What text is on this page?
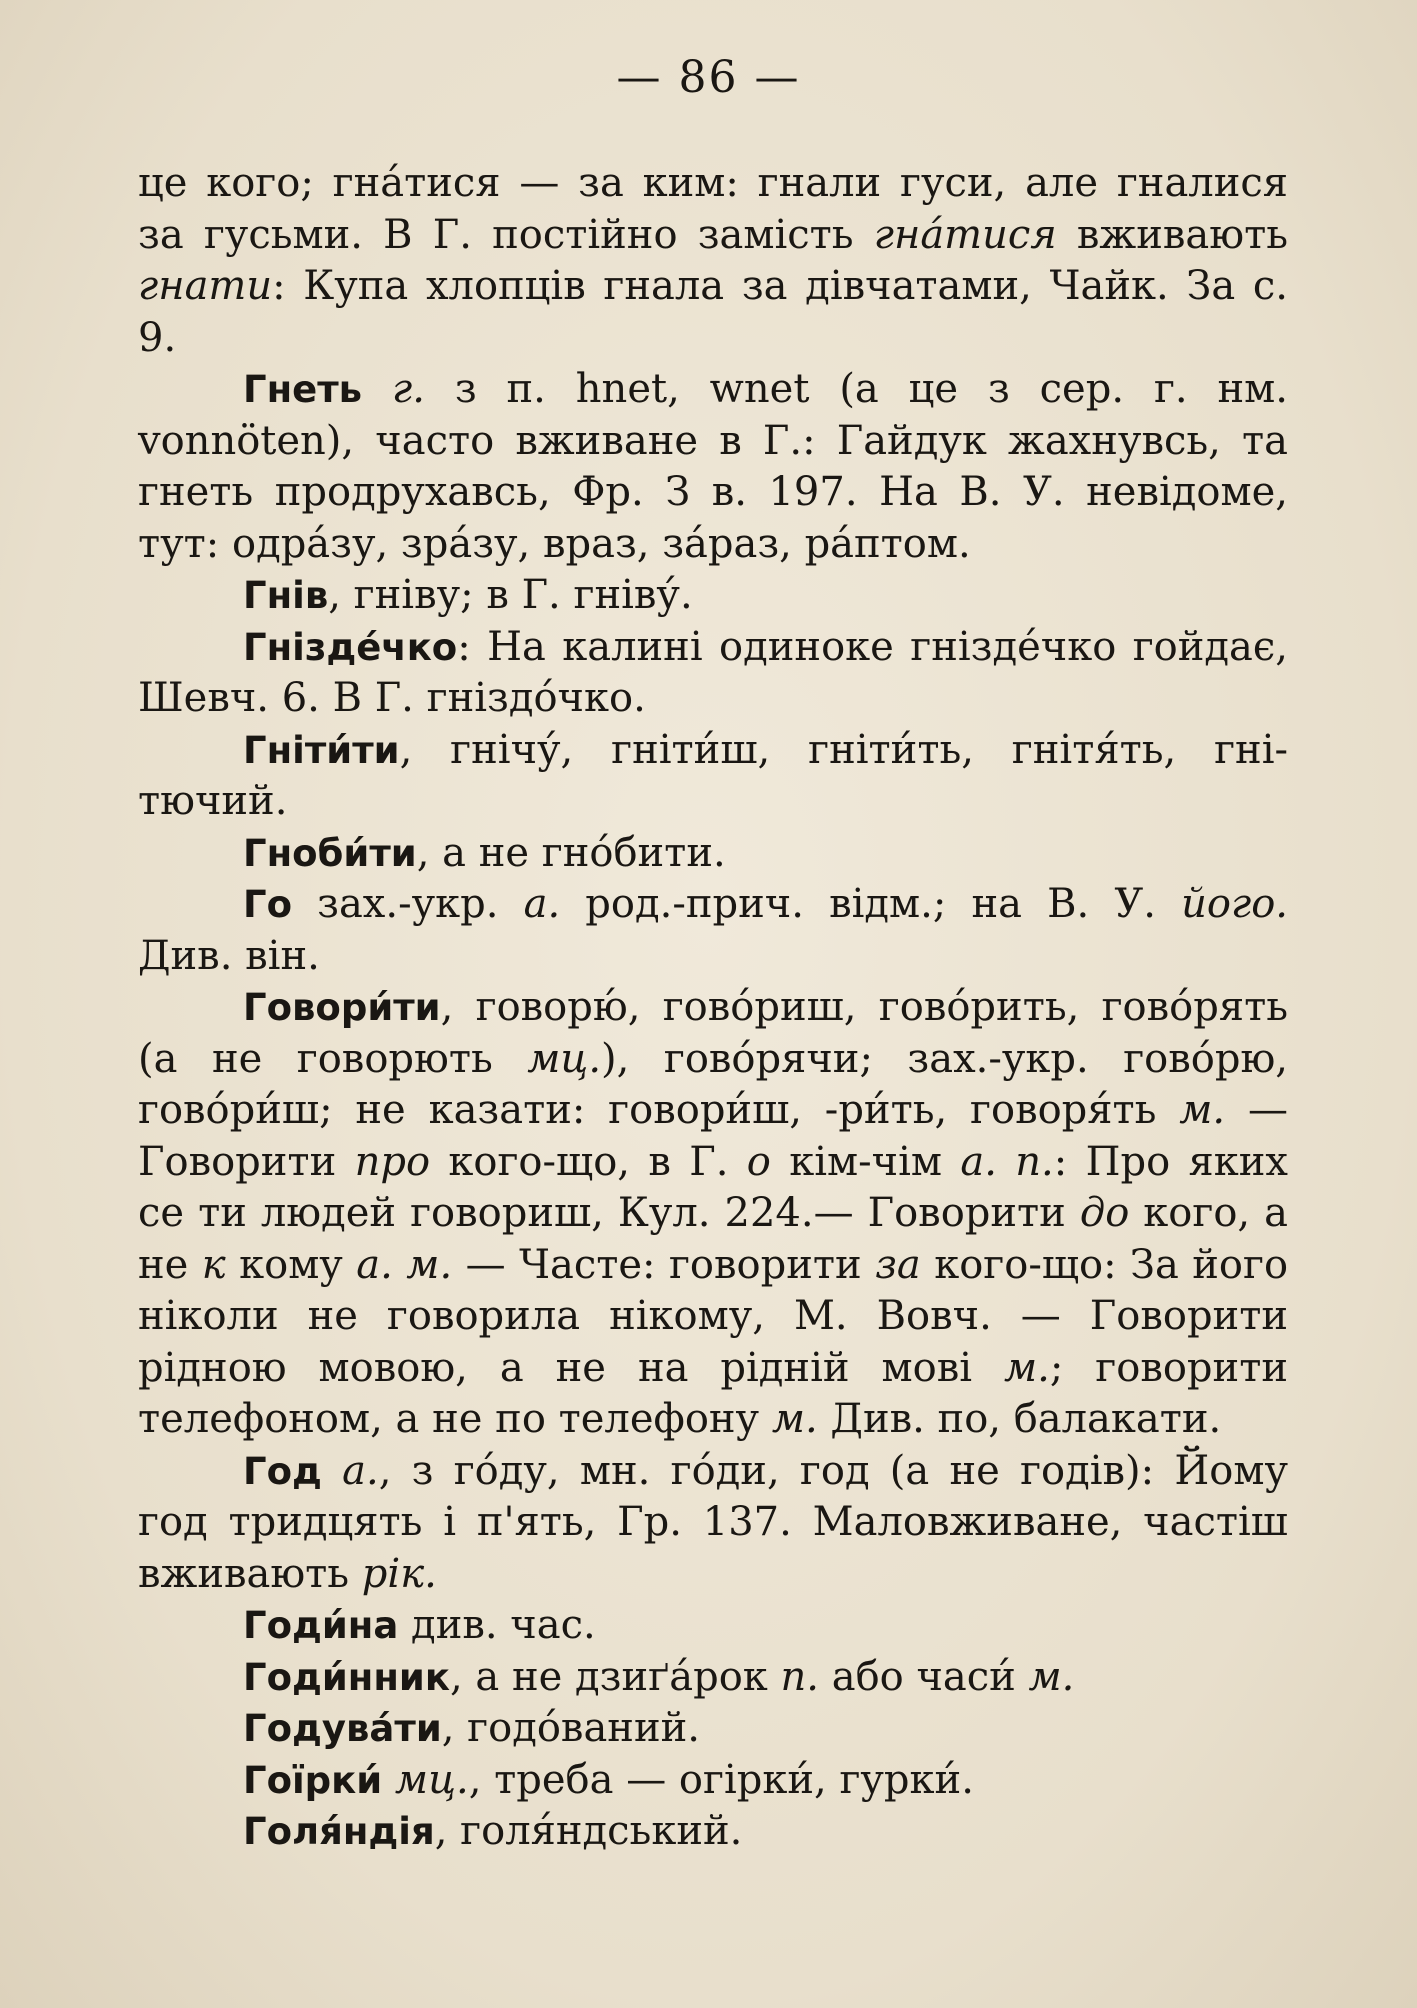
— 86 —

це кого; гна́тися — за ким: гнали гуси, але гналися за гусьми. В Г. постійно замість гна́тися вживають гнати: Купа хлопців гнала за дівчатами, Чайк. За с. 9.

Гнеть г. з п. hnet, wnet (а це з сер. г. нм. vonnöten), часто вживане в Г.: Гайдук жахнувсь, та гнеть продрухавсь, Фр. З в. 197. На В. У. невідоме, тут: одра́зу, зра́зу, враз, за́раз, ра́птом.

Гнів, гніву; в Г. гніву́.

Гнізде́чко: На калині одиноке гнізде́чко гойдає, Шевч. 6. В Г. гніздо́чко.

Гніти́ти, гнічу́, гніти́ш, гніти́ть, гнітя́ть, гнітючий.

Гноби́ти, а не гно́бити.

Го зах.-укр. а. род.-прич. відм.; на В. У. його. Див. він.

Говори́ти, говорю́, гово́риш, гово́рить, гово́рять (а не говорють мц.), гово́рячи; зах.-укр. гово́рю, гово́ри́ш; не казати: говори́ш, -ри́ть, говоря́ть м. — Говорити про кого-що, в Г. о кім-чім а. п.: Про яких се ти людей говориш, Кул. 224.— Говорити до кого, а не к кому а. м. — Часте: говорити за кого-що: За його ніколи не говорила нікому, М. Вовч. — Говорити рідною мовою, а не на рідній мові м.; говорити телефоном, а не по телефону м. Див. по, балакати.

Год а., з го́ду, мн. го́ди, год (а не годів): Йому год тридцять і п'ять, Гр. 137. Маловживане, частіш вживають рік.

Годи́на див. час.

Годи́нник, а не дзиґа́рок п. або часи́ м.

Годува́ти, годо́ваний.

Гоїрки́ мц., треба — огірки́, гурки́.

Голя́ндія, голя́ндський.
